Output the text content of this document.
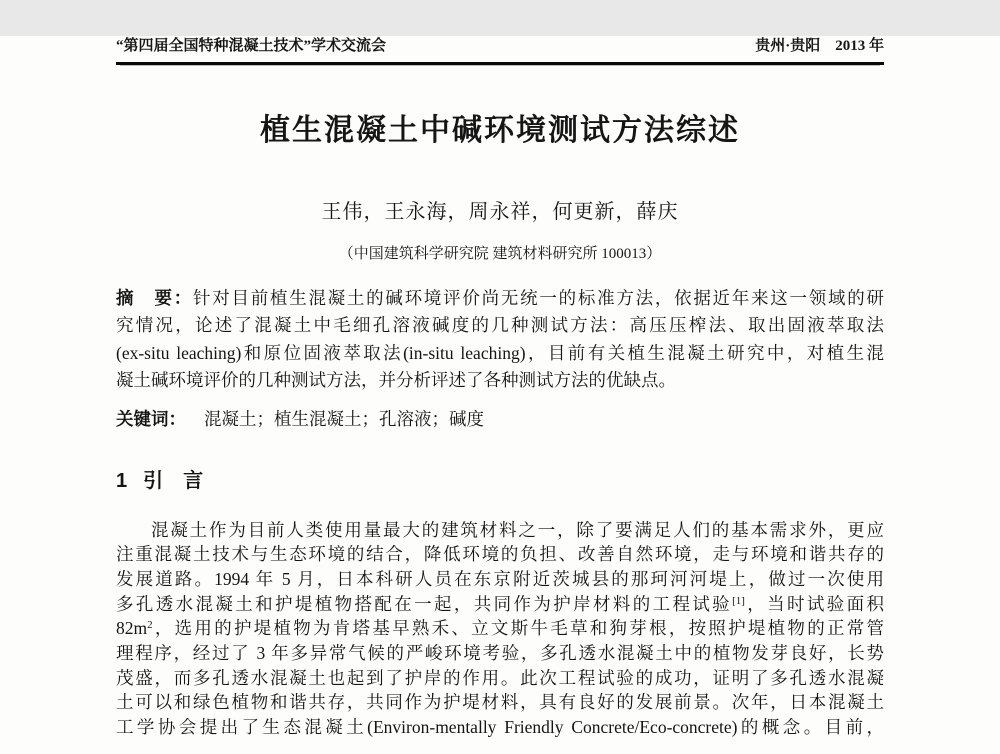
“第四届全国特种混凝土技术”学术交流会	贵州·贵阳　2013 年
植生混凝土中碱环境测试方法综述
王伟，王永海，周永祥，何更新，薛庆
（中国建筑科学研究院 建筑材料研究所 100013）
摘　要：针对目前植生混凝土的碱环境评价尚无统一的标准方法，依据近年来这一领域的研
究情况，论述了混凝土中毛细孔溶液碱度的几种测试方法：高压压榨法、取出固液萃取法
(ex-situ leaching)和原位固液萃取法(in-situ leaching)，目前有关植生混凝土研究中，对植生混
凝土碱环境评价的几种测试方法，并分析评述了各种测试方法的优缺点。
关键词： 混凝土；植生混凝土；孔溶液；碱度
1 引　言
混凝土作为目前人类使用量最大的建筑材料之一，除了要满足人们的基本需求外，更应
注重混凝土技术与生态环境的结合，降低环境的负担、改善自然环境，走与环境和谐共存的
发展道路。1994 年 5 月，日本科研人员在东京附近茨城县的那珂河河堤上，做过一次使用
多孔透水混凝土和护堤植物搭配在一起，共同作为护岸材料的工程试验[1]，当时试验面积
82m$^2$，选用的护堤植物为肯塔基早熟禾、立文斯牛毛草和狗芽根，按照护堤植物的正常管
理程序，经过了 3 年多异常气候的严峻环境考验，多孔透水混凝土中的植物发芽良好，长势
茂盛，而多孔透水混凝土也起到了护岸的作用。此次工程试验的成功，证明了多孔透水混凝
土可以和绿色植物和谐共存，共同作为护堤材料，具有良好的发展前景。次年，日本混凝土
工学协会提出了生态混凝土(Environ-mentally Friendly Concrete/Eco-concrete)的概念。目前，
